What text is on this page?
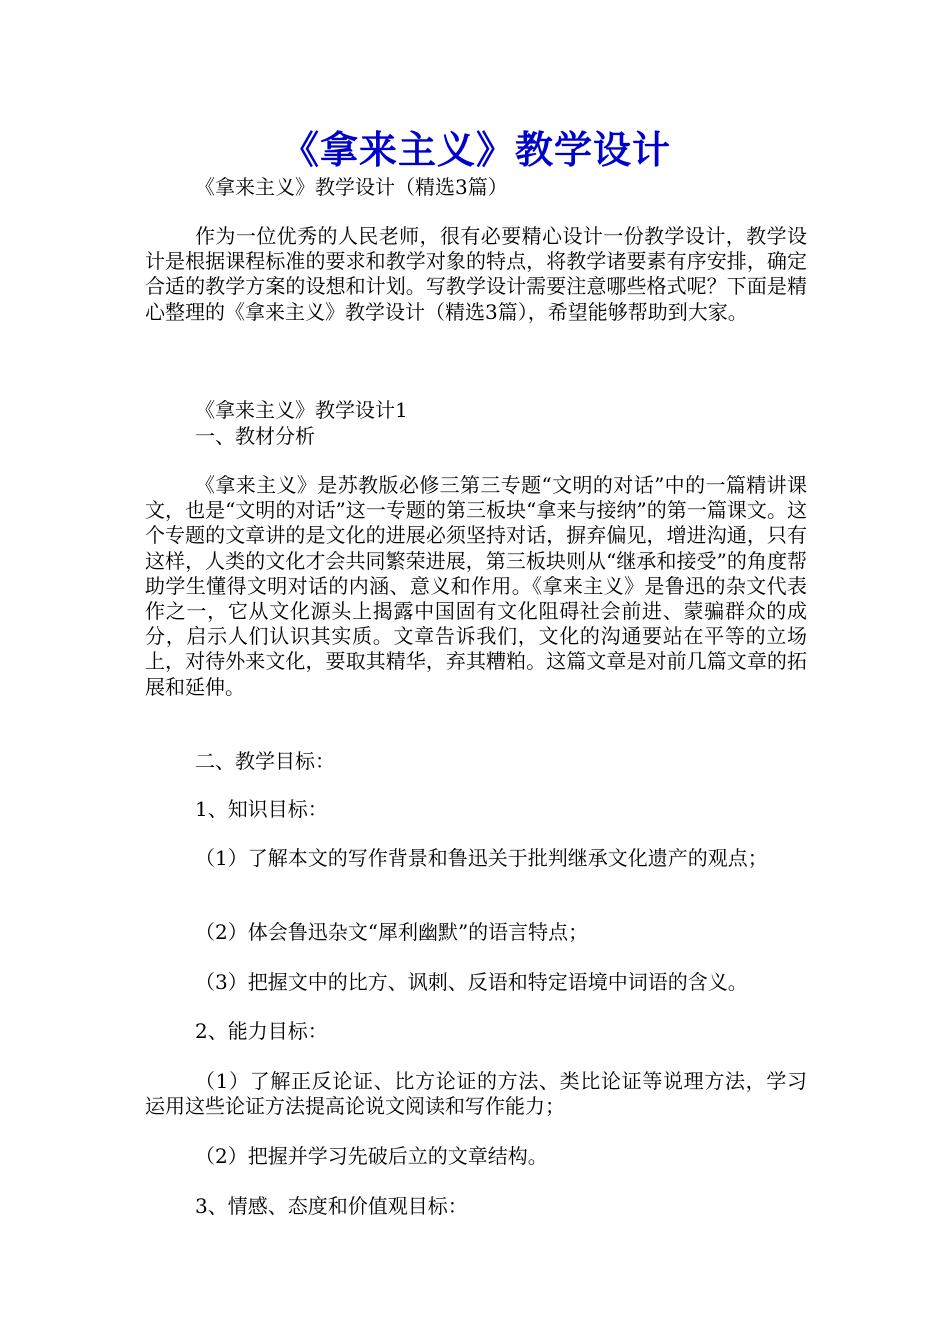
《拿来主义》教学设计
《拿来主义》教学设计（精选3篇）
作为一位优秀的人民老师，很有必要精心设计一份教学设计，教学设计是根据课程标准的要求和教学对象的特点，将教学诸要素有序安排，确定合适的教学方案的设想和计划。写教学设计需要注意哪些格式呢？下面是精心整理的《拿来主义》教学设计（精选3篇），希望能够帮助到大家。
《拿来主义》教学设计1
一、教材分析
《拿来主义》是苏教版必修三第三专题“文明的对话”中的一篇精讲课文，也是“文明的对话”这一专题的第三板块“拿来与接纳”的第一篇课文。这个专题的文章讲的是文化的进展必须坚持对话，摒弃偏见，增进沟通，只有这样，人类的文化才会共同繁荣进展，第三板块则从“继承和接受”的角度帮助学生懂得文明对话的内涵、意义和作用。《拿来主义》是鲁迅的杂文代表作之一，它从文化源头上揭露中国固有文化阻碍社会前进、蒙骗群众的成分，启示人们认识其实质。文章告诉我们，文化的沟通要站在平等的立场上，对待外来文化，要取其精华，弃其糟粕。这篇文章是对前几篇文章的拓展和延伸。
二、教学目标：
1、知识目标：
（1）了解本文的写作背景和鲁迅关于批判继承文化遗产的观点；
（2）体会鲁迅杂文“犀利幽默”的语言特点；
（3）把握文中的比方、讽刺、反语和特定语境中词语的含义。
2、能力目标：
（1）了解正反论证、比方论证的方法、类比论证等说理方法，学习运用这些论证方法提高论说文阅读和写作能力；
（2）把握并学习先破后立的文章结构。
3、情感、态度和价值观目标：
